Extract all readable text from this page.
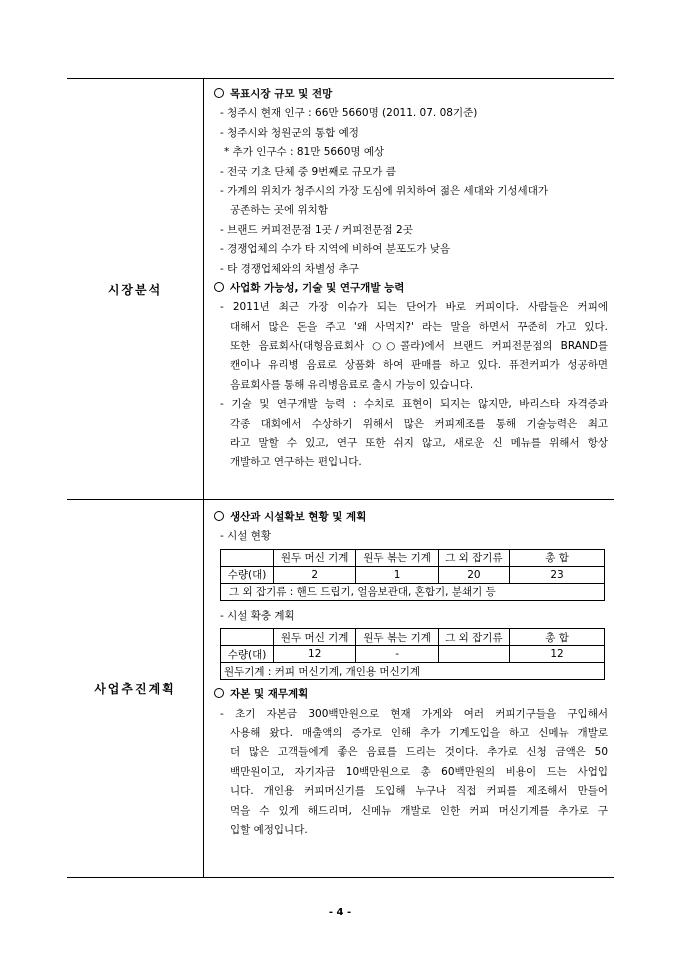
시장분석
목표시장 규모 및 전망
- 청주시 현재 인구 : 66만 5660명 (2011. 07. 08기준)
- 청주시와 청원군의 통합 예정
* 추가 인구수 : 81만 5660명 예상
- 전국 기초 단체 중 9번째로 규모가 큼
- 가계의 위치가 청주시의 가장 도심에 위치하여 젊은 세대와 기성세대가
공존하는 곳에 위치함
- 브랜드 커피전문점 1곳 / 커피전문점 2곳
- 경쟁업체의 수가 타 지역에 비하여 분포도가 낮음
- 타 경쟁업체와의 차별성 추구
사업화 가능성, 기술 및 연구개발 능력
- 2011년 최근 가장 이슈가 되는 단어가 바로 커피이다. 사람들은 커피에
대해서 많은 돈을 주고 '왜 사먹지?' 라는 말을 하면서 꾸준히 가고 있다.
또한 음료회사(대형음료회사 ○○콜라)에서 브랜드 커피전문점의 BRAND를
캔이나 유리병 음료로 상품화 하여 판매를 하고 있다. 퓨전커피가 성공하면
음료회사를 통해 유리병음료로 출시 가능이 있습니다.
- 기술 및 연구개발 능력 : 수치로 표현이 되지는 않지만, 바리스타 자격증과
각종 대회에서 수상하기 위해서 많은 커피제조를 통해 기술능력은 최고
라고 말할 수 있고, 연구 또한 쉬지 않고, 새로운 신 메뉴를 위해서 항상
개발하고 연구하는 편입니다.
사업추진계획
생산과 시설확보 현황 및 계획
- 시설 현황
	원두 머신 기계	원두 볶는 기계	그 외 잡기류	총 합
수량(대)	2	1	20	23
그 외 잡기류 : 핸드 드립기, 얼음보관대, 혼합기, 분쇄기 등				
- 시설 확충 계획
	원두 머신 기계	원두 볶는 기계	그 외 잡기류	총 합
수량(대)	12	-		12
원두기계 : 커피 머신기계, 개인용 머신기계				
자본 및 재무계획
- 초기 자본금 300백만원으로 현재 가게와 여러 커피기구들을 구입해서
사용해 왔다. 매출액의 증가로 인해 추가 기계도입을 하고 신메뉴 개발로
더 많은 고객들에게 좋은 음료를 드리는 것이다. 추가로 신청 금액은 50
백만원이고, 자기자금 10백만원으로 총 60백만원의 비용이 드는 사업입
니다. 개인용 커피머신기를 도입해 누구나 직접 커피를 제조해서 만들어
먹을 수 있게 해드리며, 신메뉴 개발로 인한 커피 머신기계를 추가로 구
입할 예정입니다.
- 4 -
